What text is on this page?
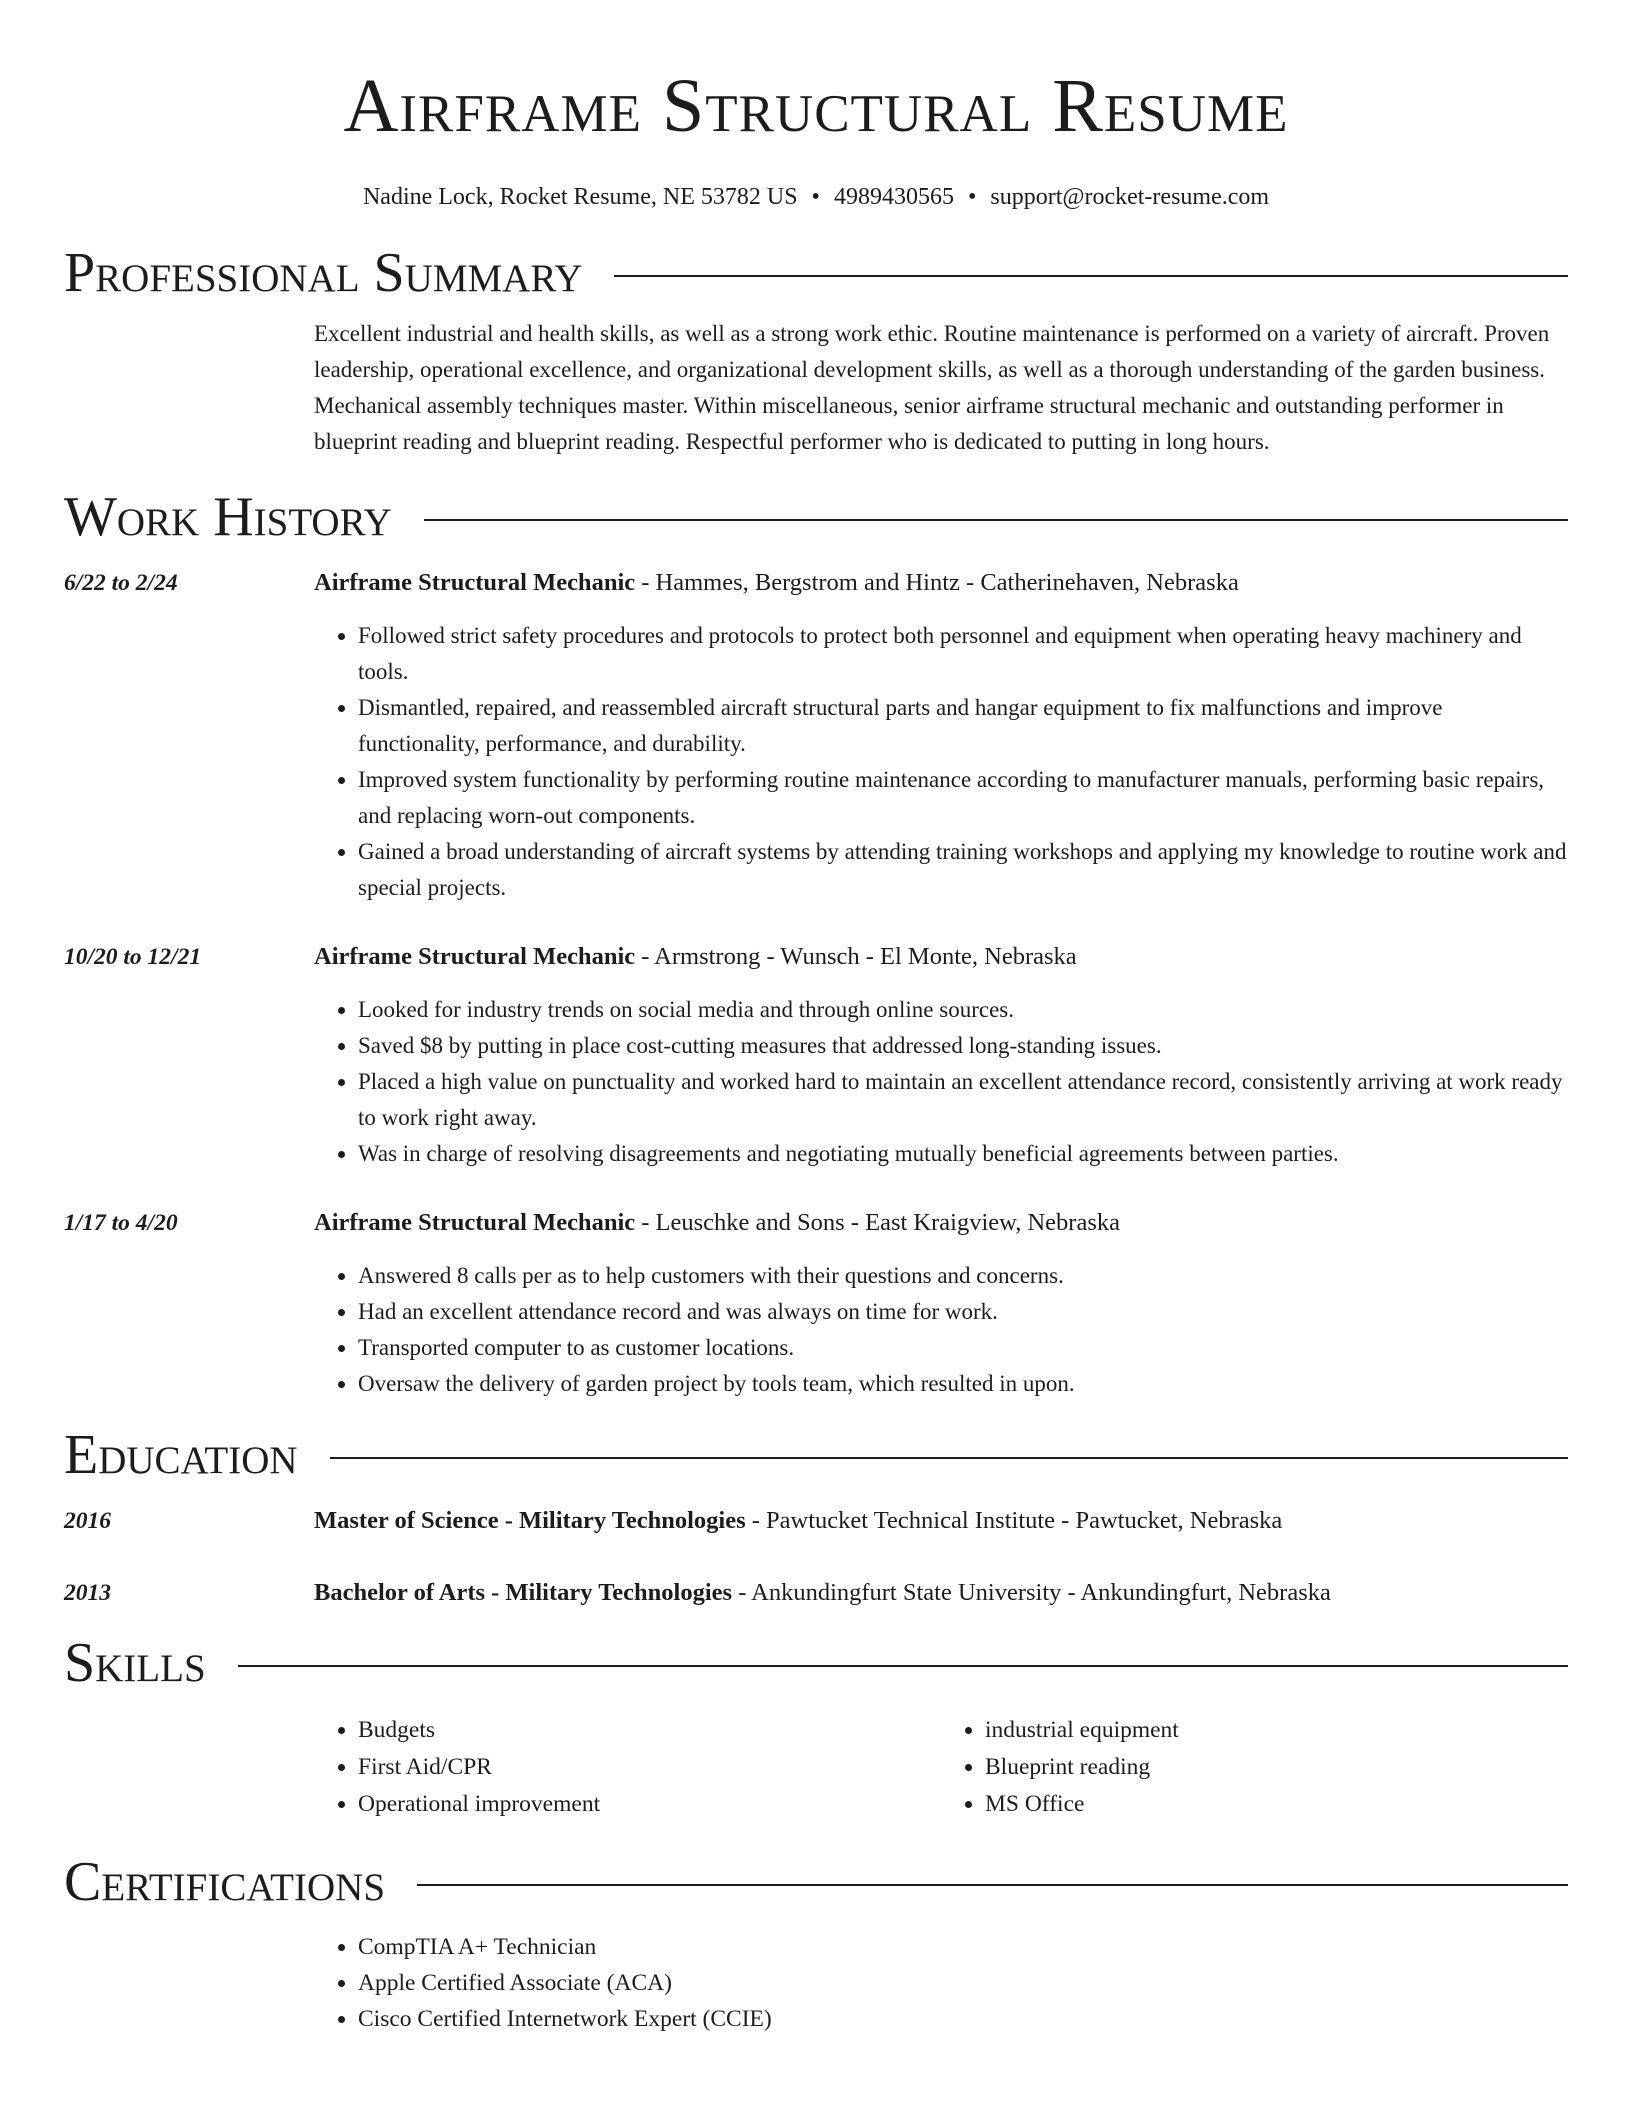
Airframe Structural Resume
Nadine Lock, Rocket Resume, NE 53782 US • 4989430565 • support@rocket-resume.com
Professional Summary
Excellent industrial and health skills, as well as a strong work ethic. Routine maintenance is performed on a variety of aircraft. Proven leadership, operational excellence, and organizational development skills, as well as a thorough understanding of the garden business. Mechanical assembly techniques master. Within miscellaneous, senior airframe structural mechanic and outstanding performer in blueprint reading and blueprint reading. Respectful performer who is dedicated to putting in long hours.
Work History
6/22 to 2/24	Airframe Structural Mechanic - Hammes, Bergstrom and Hintz - Catherinehaven, Nebraska
• Followed strict safety procedures and protocols to protect both personnel and equipment when operating heavy machinery and tools.
• Dismantled, repaired, and reassembled aircraft structural parts and hangar equipment to fix malfunctions and improve functionality, performance, and durability.
• Improved system functionality by performing routine maintenance according to manufacturer manuals, performing basic repairs, and replacing worn-out components.
• Gained a broad understanding of aircraft systems by attending training workshops and applying my knowledge to routine work and special projects.
10/20 to 12/21	Airframe Structural Mechanic - Armstrong - Wunsch - El Monte, Nebraska
• Looked for industry trends on social media and through online sources.
• Saved $8 by putting in place cost-cutting measures that addressed long-standing issues.
• Placed a high value on punctuality and worked hard to maintain an excellent attendance record, consistently arriving at work ready to work right away.
• Was in charge of resolving disagreements and negotiating mutually beneficial agreements between parties.
1/17 to 4/20	Airframe Structural Mechanic - Leuschke and Sons - East Kraigview, Nebraska
• Answered 8 calls per as to help customers with their questions and concerns.
• Had an excellent attendance record and was always on time for work.
• Transported computer to as customer locations.
• Oversaw the delivery of garden project by tools team, which resulted in upon.
Education
2016	Master of Science - Military Technologies - Pawtucket Technical Institute - Pawtucket, Nebraska
2013	Bachelor of Arts - Military Technologies - Ankundingfurt State University - Ankundingfurt, Nebraska
Skills
• Budgets
• First Aid/CPR
• Operational improvement
• industrial equipment
• Blueprint reading
• MS Office
Certifications
• CompTIA A+ Technician
• Apple Certified Associate (ACA)
• Cisco Certified Internetwork Expert (CCIE)
